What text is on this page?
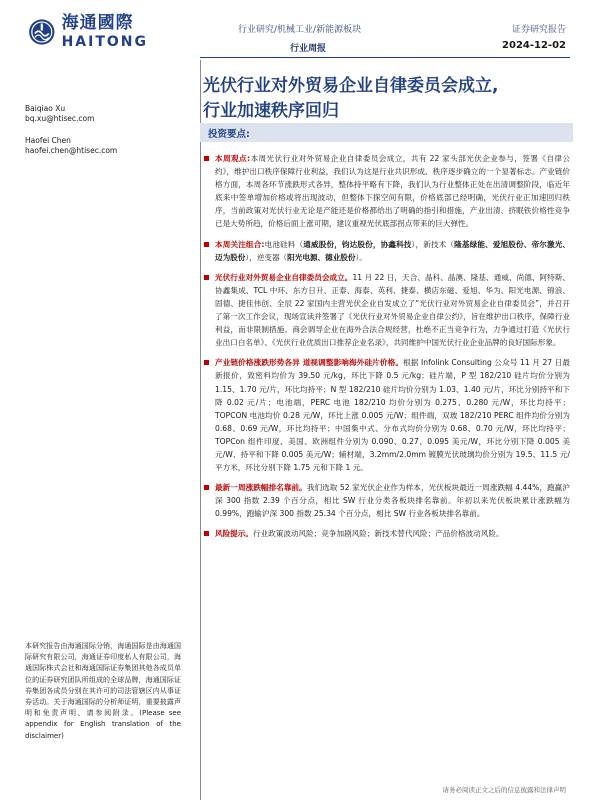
海通國際
HAITONG
行业研究/机械工业/新能源板块
行业周报
证券研究报告
2024-12-02
光伏行业对外贸易企业自律委员会成立,
行业加速秩序回归
Baiqiao Xu
bq.xu@htisec.com
Haofei Chen
haofei.chen@htisec.com
投资要点:
本周观点:本周光伏行业对外贸易企业自律委员会成立，共有 22 家头部光伏企业参与，签署《自律公约》，维护出口秩序保障行业利益，我们认为这是行业共识形成、秩序逐步确立的一个显著标志。产业链价格方面，本周各环节涨跌形式各异，整体持平略有下降，我们认为行业整体正处在出清调整阶段，临近年底来中签单增加价格或将出现波动，但整体下探空间有限，价格底部已经明确，光伏行业正加速回归秩序，当前政策对光伏行业无论是产能还是价格都给出了明确的指引和措施，产业出清、挤眠铁价格性竞争已是大势所趋，价格后面上涨可期，建议重视光伏底部拐点带来的巨大弹性。
本周关注组合:电池硅料（通威股份，钧达股份，协鑫科技），新技术（隆基绿能、爱旭股份、帝尔激光、迈为股份），逆变器（阳光电源、德业股份）。
光伏行业对外贸易企业自律委员会成立。11 月 22 日，天合、晶科、晶澳、隆基、通威、尚德、阿特斯、协鑫集成、TCL 中环、东方日升、正泰、海泰、英利、捷泰、横店东磁、爱旭、华为、阳光电源、锦浪、固德、捷佳伟创、全辰 22 家国内主营光伏企业自发成立了“光伏行业对外贸易企业自律委员会”，并召开了第一次工作会议，现场宣读并签署了《光伏行业对外贸易企业自律公约》，旨在维护出口秩序，保障行业利益，而非限制措施。商会调导企业在海外合法合规经营，杜绝不正当竞争行为，力争通过打造《光伏行业出口白名单》、《光伏行业优质出口推荐企业名录》，共同维护中国光伏行业企业品牌的良好国际形象。
产业链价格涨跌形势各异 道视调整影响海外硅片价格。根据 Infolink Consulting 公众号 11 月 27 日最新报价，致密料均价为 39.50 元/kg，环比下降 0.5 元/kg；硅片端，P 型 182/210 硅片均价分别为 1.15、1.70 元/片，环比均持平；N 型 182/210 硅片均价分别为 1.03、1.40 元/片，环比分别持平和下降 0.02 元/片；电池端，PERC 电池 182/210 均价分别为 0.275、0.280 元/W，环比均持平；TOPCON 电池均价 0.28 元/W，环比上涨 0.005 元/W；组件端，双玻 182/210 PERC 组件均价分别为 0.68、0.69 元/W，环比均持平；中国集中式、分布式均价分别为 0.68、0.70 元/W，环比均持平；TOPCon 组件印度、美国、欧洲组件分别为 0.090、0.27、0.095 美元/W，环比分别下降 0.005 美元/W、持平和下降 0.005 美元/W；辅材端，3.2mm/2.0mm 镀膜光伏玻璃均价分别为 19.5、11.5 元/平方米，环比分别下降 1.75 元和下降 1 元。
最新一周涨跌幅排名靠前。我们选取 52 家光伏企业作为样本，光伏板块最近一周涨跌幅 4.44%，跑赢沪深 300 指数 2.39 个百分点，相比 SW 行业分类各板块排名靠前。年初以来光伏板块累计涨跌幅为 0.99%，跑输沪深 300 指数 25.34 个百分点，相比 SW 行业各板块排名靠前。
风险提示。行业政策波动风险；竞争加剧风险；新技术替代风险；产品价格波动风险。
本研究报告由海通国际分销，海通国际是由海通国际研究有限公司，海通证券印度私人有限公司，海通国际株式会社和海通国际证券集团其他各成员单位的证券研究团队所组成的全球品牌，海通国际证券集团各成员分别在其许可的司法管辖区内从事证券活动。关于海通国际的分析师证明，重要披露声明和免责声明，请参阅附录。(Please see appendix for English translation of the disclaimer)
请务必阅读正文之后的信息披露和法律声明
